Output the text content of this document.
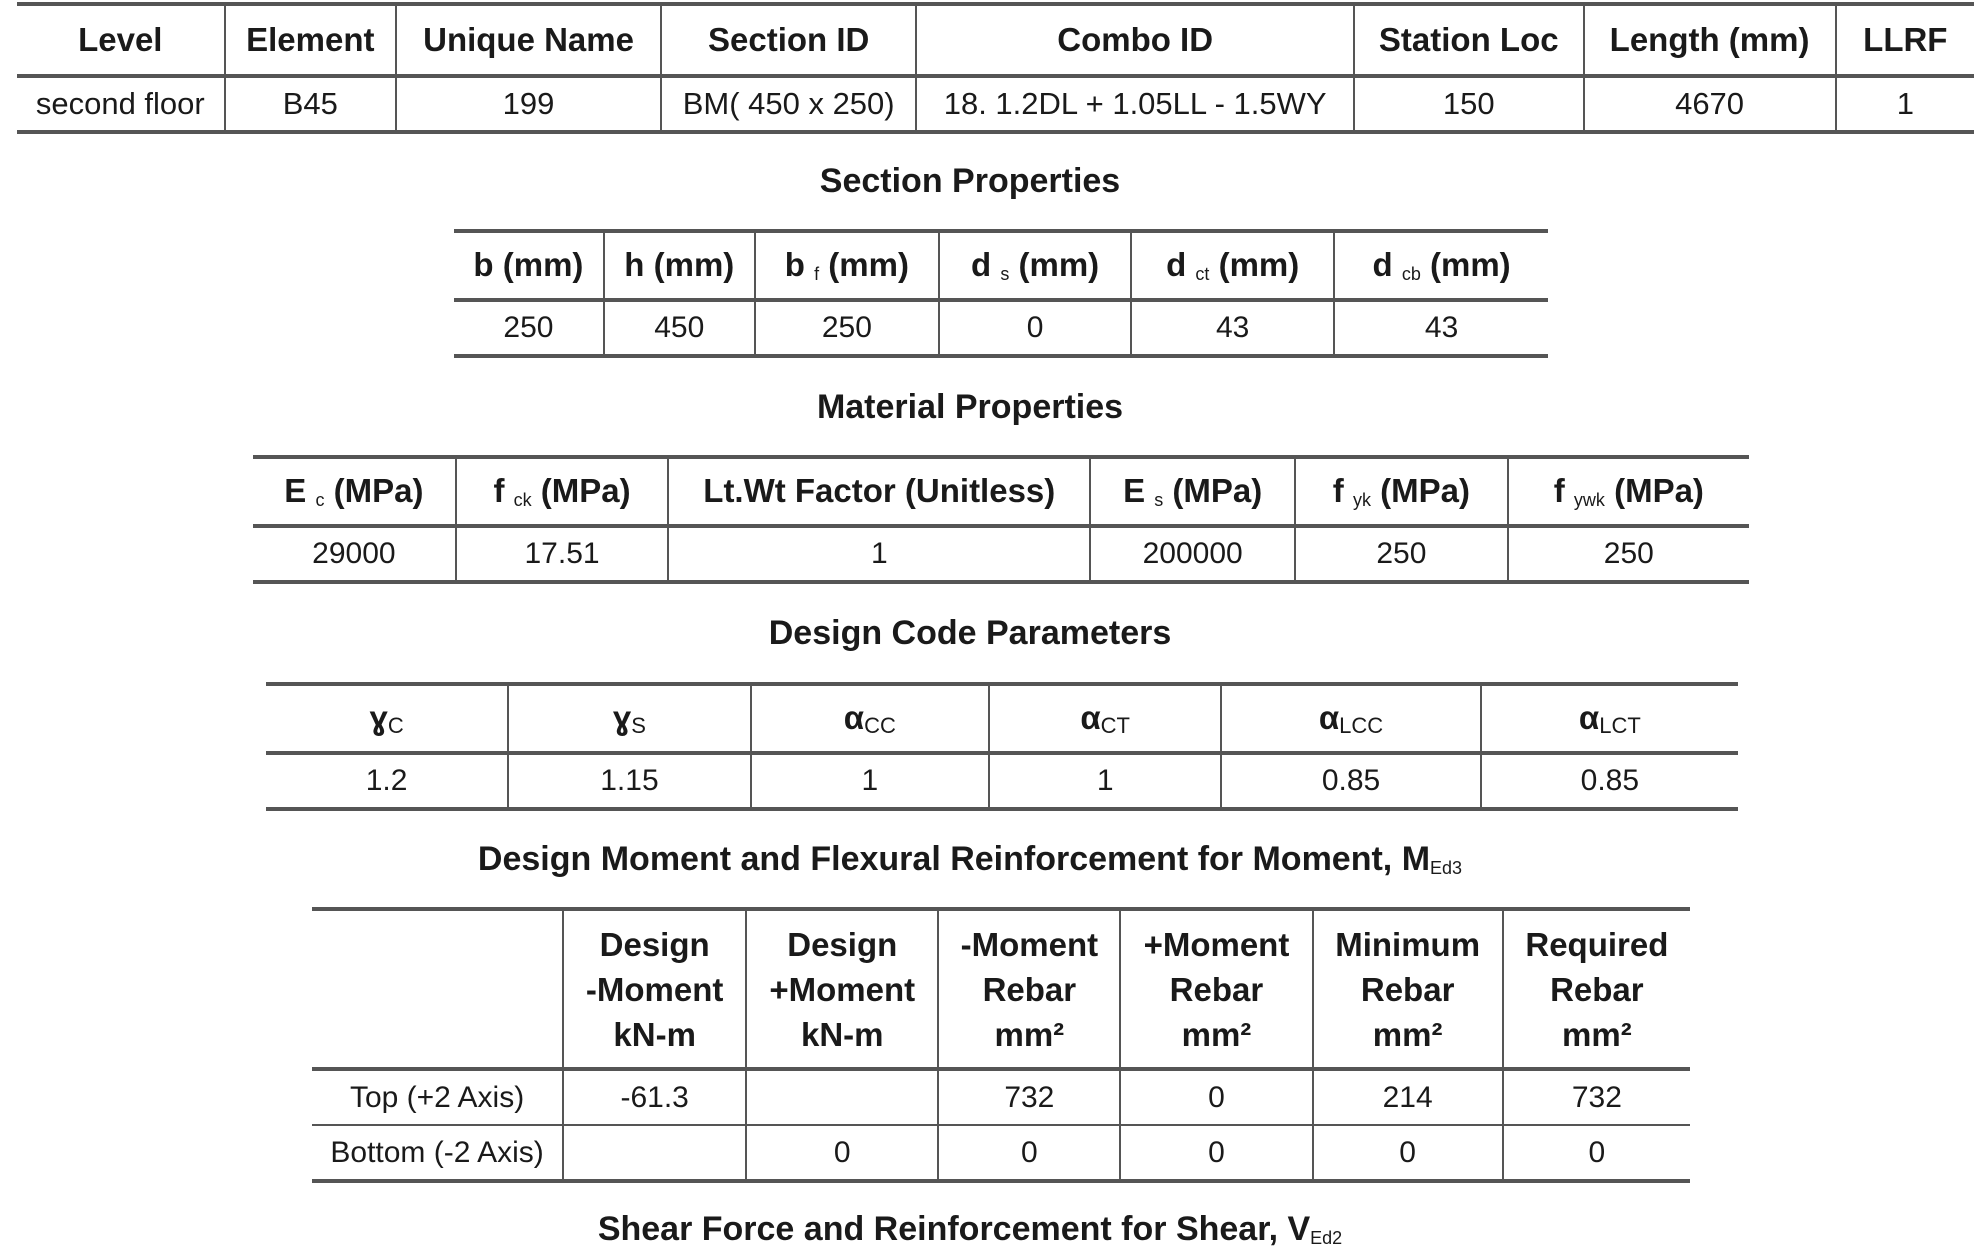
Level	Element	Unique Name	Section ID	Combo ID	Station Loc	Length (mm)	LLRF
second floor	B45	199	BM( 450 x 250)	18. 1.2DL + 1.05LL - 1.5WY	150	4670	1
Section Properties
b (mm)	h (mm)	b $_f$ (mm)	d $_s$ (mm)	d $_{ct}$ (mm)	d $_{cb}$ (mm)
250	450	250	0	43	43
Material Properties
E $_c$ (MPa)	f $_{ck}$ (MPa)	Lt.Wt Factor (Unitless)	E $_s$ (MPa)	f $_{yk}$ (MPa)	f $_{ywk}$ (MPa)
29000	17.51	1	200000	250	250
Design Code Parameters
ɣ$_C$	ɣ$_S$	$\alpha_{CC}$	$\alpha_{CT}$	$\alpha_{LCC}$	$\alpha_{LCT}$
1.2	1.15	1	1	0.85	0.85
Design Moment and Flexural Reinforcement for Moment, $M_{Ed3}$
	Design
-Moment
kN-m	Design
+Moment
kN-m	-Moment
Rebar
mm²	+Moment
Rebar
mm²	Minimum
Rebar
mm²	Required
Rebar
mm²
Top (+2 Axis)	-61.3		732	0	214	732
Bottom (-2 Axis)		0	0	0	0	0
Shear Force and Reinforcement for Shear, $V_{Ed2}$
